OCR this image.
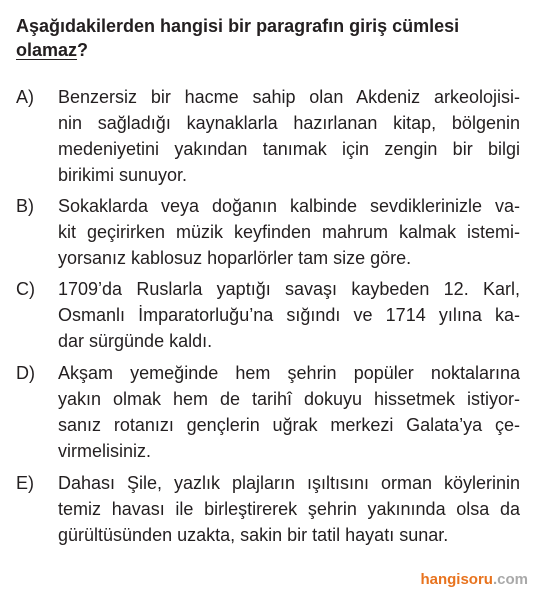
Aşağıdakilerden hangisi bir paragrafın giriş cümlesi
olamaz?
A) Benzersiz bir hacme sahip olan Akdeniz arkeolojisi-
nin sağladığı kaynaklarla hazırlanan kitap, bölgenin
medeniyetini yakından tanımak için zengin bir bilgi
birikimi sunuyor.
B) Sokaklarda veya doğanın kalbinde sevdiklerinizle va-
kit geçirirken müzik keyfinden mahrum kalmak istemi-
yorsanız kablosuz hoparlörler tam size göre.
C) 1709’da Ruslarla yaptığı savaşı kaybeden 12. Karl,
Osmanlı İmparatorluğu’na sığındı ve 1714 yılına ka-
dar sürgünde kaldı.
D) Akşam yemeğinde hem şehrin popüler noktalarına
yakın olmak hem de tarihî dokuyu hissetmek istiyor-
sanız rotanızı gençlerin uğrak merkezi Galata’ya çe-
virmelisiniz.
E) Dahası Şile, yazlık plajların ışıltısını orman köylerinin
temiz havası ile birleştirerek şehrin yakınında olsa da
gürültüsünden uzakta, sakin bir tatil hayatı sunar.
hangisoru.com
